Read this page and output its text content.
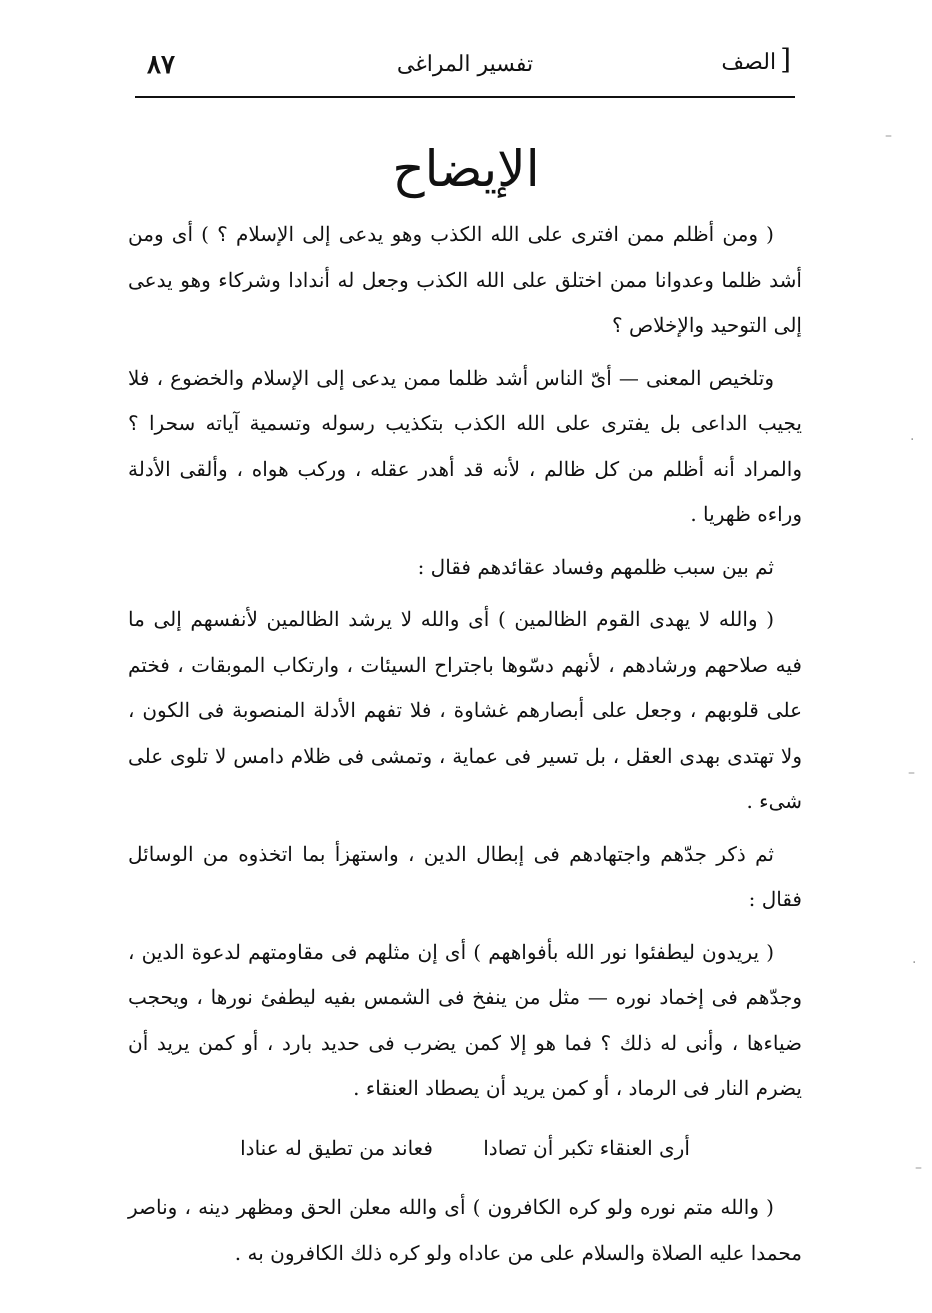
٨٧	تفسير المراغى	[الصف
الإيضاح

( ومن أظلم ممن افترى على الله الكذب وهو يدعى إلى الإسلام ؟ ) أى ومن أشد ظلما وعدوانا ممن اختلق على الله الكذب وجعل له أندادا وشركاء وهو يدعى إلى التوحيد والإخلاص ؟

وتلخيص المعنى — أىّ الناس أشد ظلما ممن يدعى إلى الإسلام والخضوع ، فلا يجيب الداعى بل يفترى على الله الكذب بتكذيب رسوله وتسمية آياته سحرا ؟ والمراد أنه أظلم من كل ظالم ، لأنه قد أهدر عقله ، وركب هواه ، وألقى الأدلة وراءه ظهريا .

ثم بين سبب ظلمهم وفساد عقائدهم فقال :

( والله لا يهدى القوم الظالمين ) أى والله لا يرشد الظالمين لأنفسهم إلى ما فيه صلاحهم ورشادهم ، لأنهم دسّوها باجتراح السيئات ، وارتكاب الموبقات ، فختم على قلوبهم ، وجعل على أبصارهم غشاوة ، فلا تفهم الأدلة المنصوبة فى الكون ، ولا تهتدى بهدى العقل ، بل تسير فى عماية ، وتمشى فى ظلام دامس لا تلوى على شىء .

ثم ذكر جدّهم واجتهادهم فى إبطال الدين ، واستهزأ بما اتخذوه من الوسائل فقال :

( يريدون ليطفئوا نور الله بأفواههم ) أى إن مثلهم فى مقاومتهم لدعوة الدين ، وجدّهم فى إخماد نوره — مثل من ينفخ فى الشمس بفيه ليطفئ نورها ، ويحجب ضياءها ، وأنى له ذلك ؟ فما هو إلا كمن يضرب فى حديد بارد ، أو كمن يريد أن يضرم النار فى الرماد ، أو كمن يريد أن يصطاد العنقاء .

أرى العنقاء تكبر أن تصادا فعاند من تطيق له عنادا

( والله متم نوره ولو كره الكافرون ) أى والله معلن الحق ومظهر دينه ، وناصر محمدا عليه الصلاة والسلام على من عاداه ولو كره ذلك الكافرون به .

–
·
–
·
–
